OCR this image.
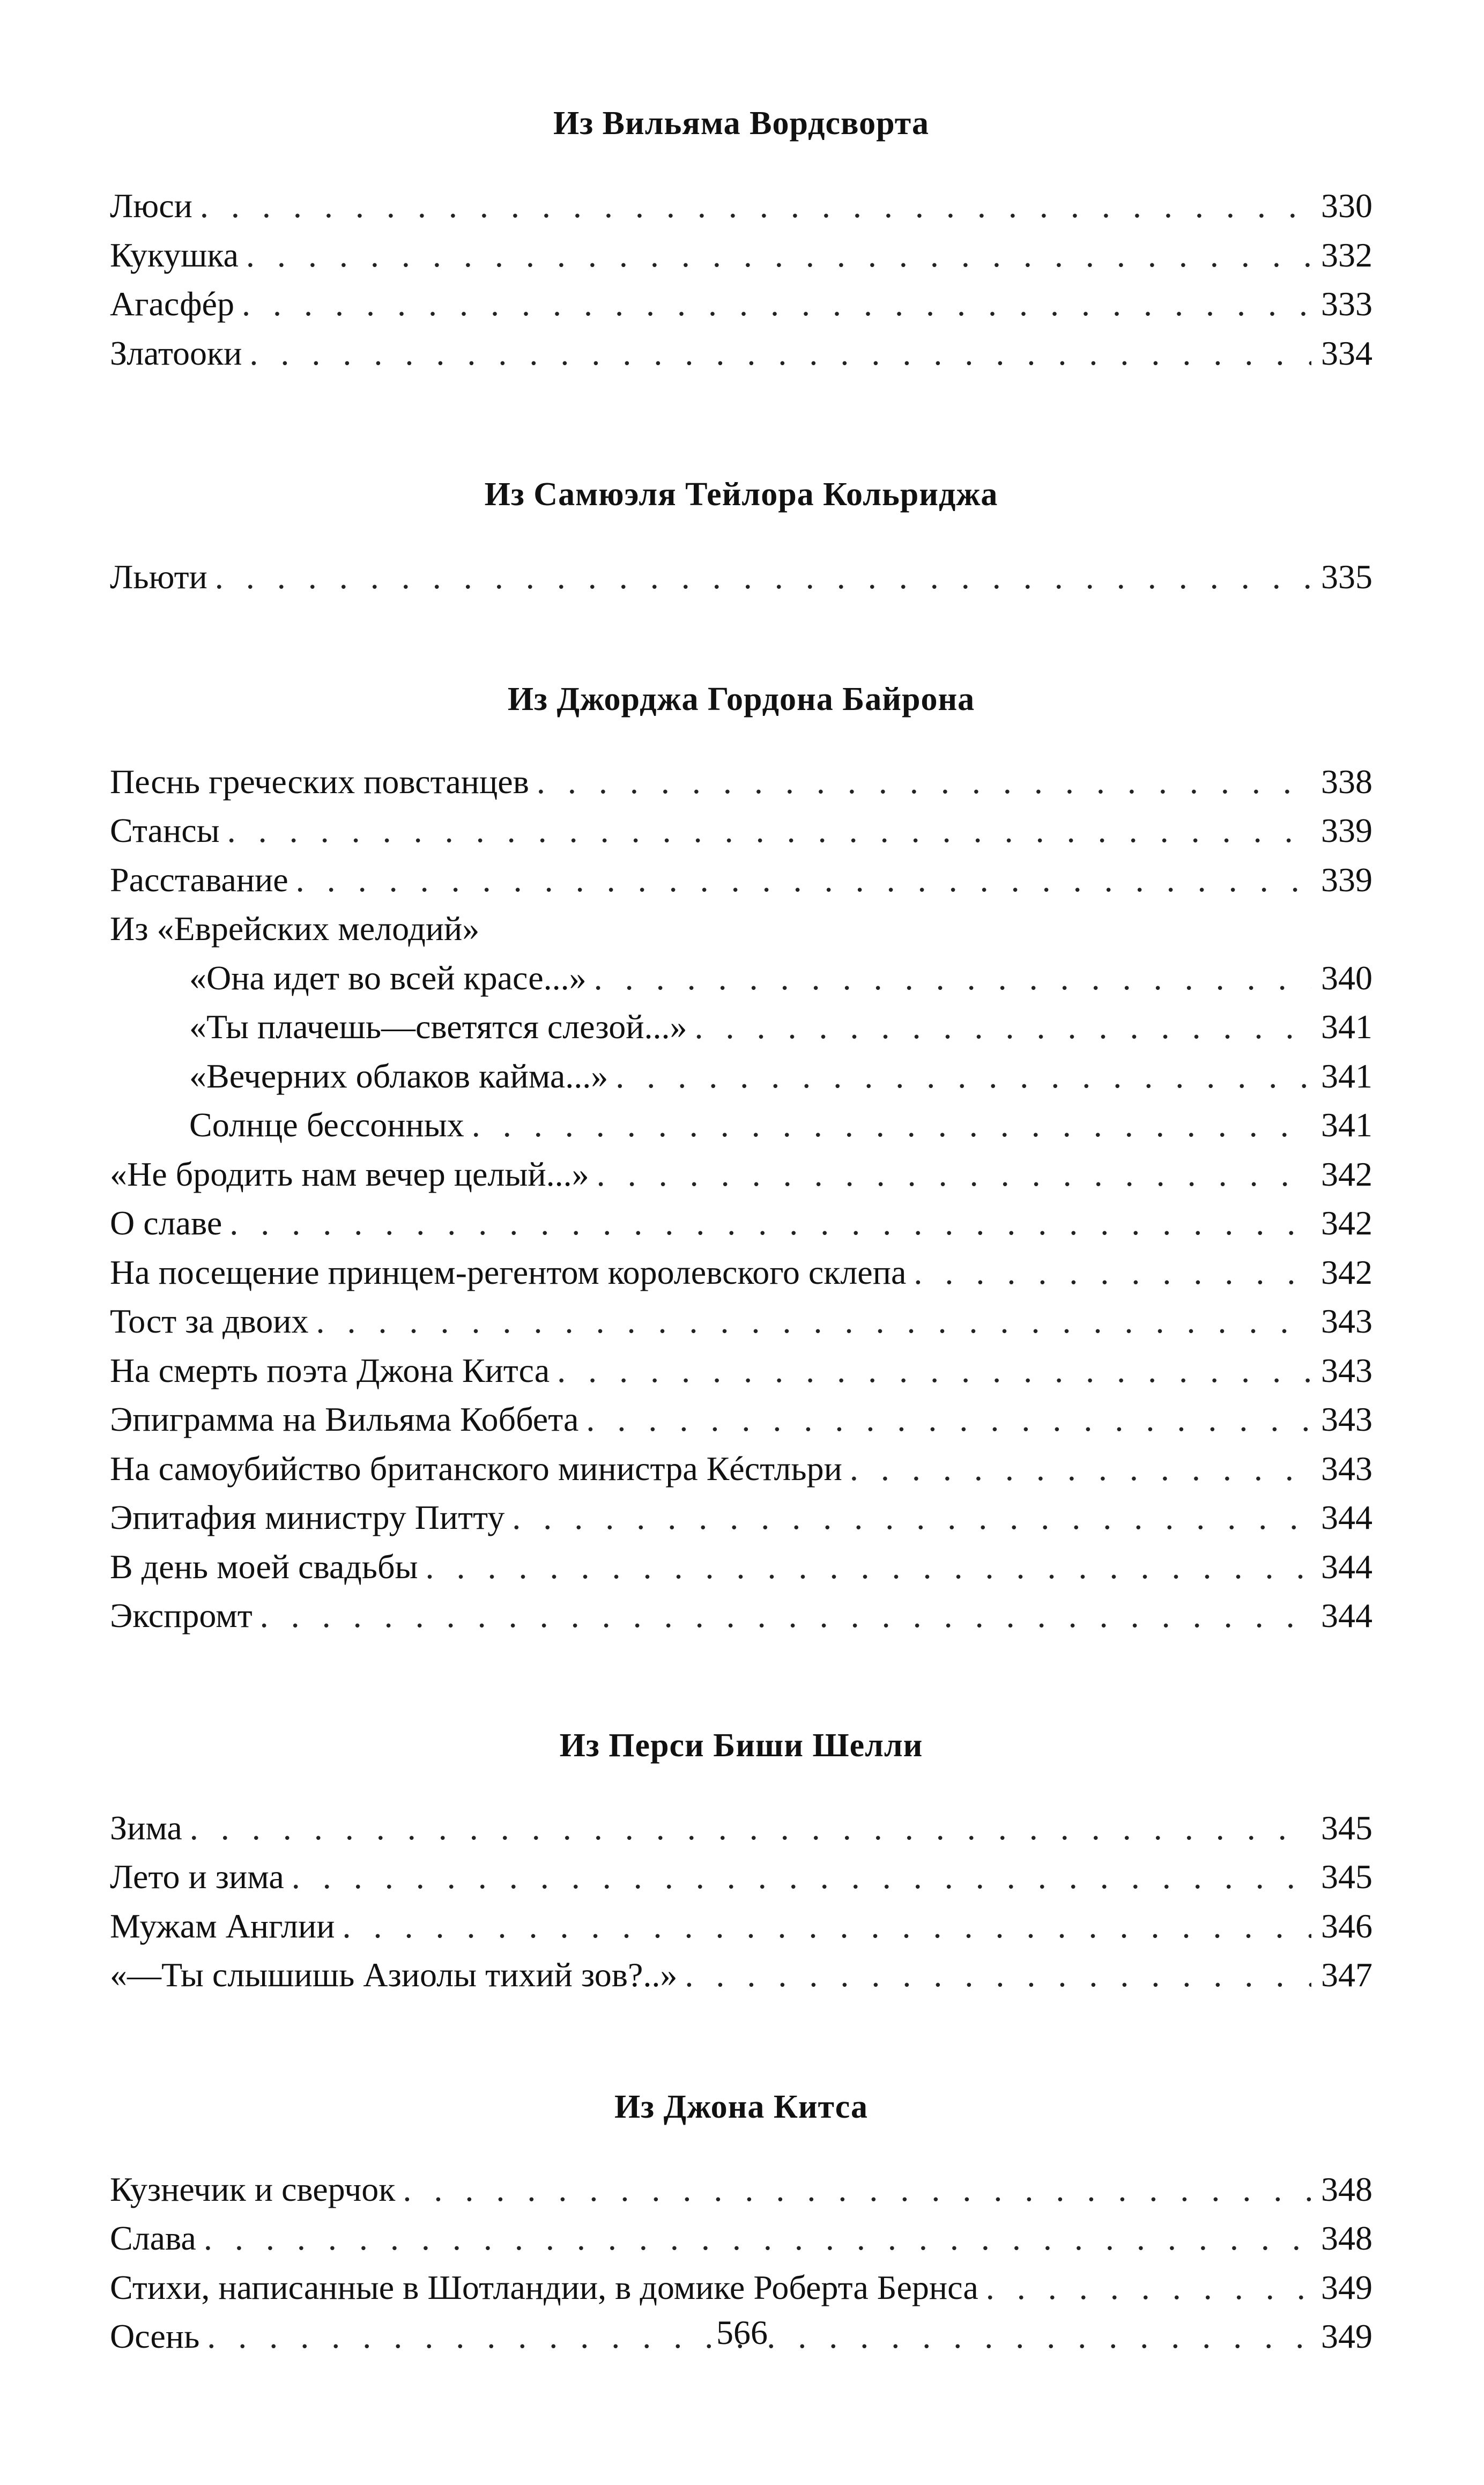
Из Вильяма Вордсворта
Люси . . .	330
Кукушка . . .	332
Агасфéр . . .	333
Златооки . . .	334
Из Самюэля Тейлора Кольриджа
Льюти . . .	335
Из Джорджа Гордона Байрона
Песнь греческих повстанцев . . .	338
Стансы . . .	339
Расставание . . .	339
Из «Еврейских мелодий»
«Она идет во всей красе...» . . .	340
«Ты плачешь—светятся слезой...» . . .	341
«Вечерних облаков кайма...» . . .	341
Солнце бессонных . . .	341
«Не бродить нам вечер целый...» . . .	342
О славе . . .	342
На посещение принцем-регентом королевского склепа . . .	342
Тост за двоих . . .	343
На смерть поэта Джона Китса . . .	343
Эпиграмма на Вильяма Коббета . . .	343
На самоубийство британского министра Кéстльри . . .	343
Эпитафия министру Питту . . .	344
В день моей свадьбы . . .	344
Экспромт . . .	344
Из Перси Биши Шелли
Зима . . .	345
Лето и зима . . .	345
Мужам Англии . . .	346
«—Ты слышишь Азиолы тихий зов?..» . . .	347
Из Джона Китса
Кузнечик и сверчок . . .	348
Слава . . .	348
Стихи, написанные в Шотландии, в домике Роберта Бернса . . .	349
Осень . . .	349
566
